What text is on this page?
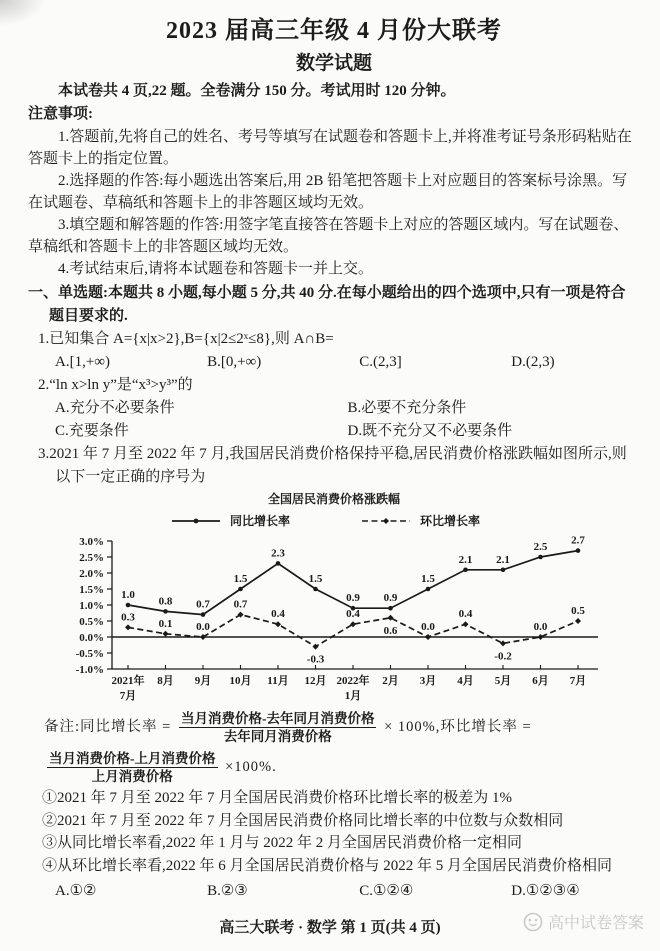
2023 届高三年级 4 月份大联考
数学试题

本试卷共 4 页,22 题。全卷满分 150 分。考试用时 120 分钟。

注意事项:

1.答题前,先将自己的姓名、考号等填写在试题卷和答题卡上,并将准考证号条形码粘贴在答题卡上的指定位置。

2.选择题的作答:每小题选出答案后,用 2B 铅笔把答题卡上对应题目的答案标号涂黑。写在试题卷、草稿纸和答题卡上的非答题区域均无效。

3.填空题和解答题的作答:用签字笔直接答在答题卡上对应的答题区域内。写在试题卷、草稿纸和答题卡上的非答题区域均无效。

4.考试结束后,请将本试题卷和答题卡一并上交。

一、单选题:本题共 8 小题,每小题 5 分,共 40 分.在每小题给出的四个选项中,只有一项是符合题目要求的.

1.已知集合 A={x|x>2},B={x|2≤2ˣ≤8},则 A∩B=

A.[1,+∞)	B.[0,+∞)	C.(2,3]	D.(2,3)

2.“ln x>ln y”是“x³>y³”的

A.充分不必要条件	B.必要不充分条件
C.充要条件	D.既不充分又不必要条件

3.2021 年 7 月至 2022 年 7 月,我国居民消费价格保持平稳,居民消费价格涨跌幅如图所示,则以下一定正确的序号为

全国居民消费价格涨跌幅
同比增长率	环比增长率
3.0%
2.5%
2.0%
1.5%
1.0%
0.5%
0.0%
-0.5%
-1.0%
2021年 8月 9月 10月 11月 12月 2022年 2月 3月 4月 5月 6月 7月
7月	1月
1.0
0.8 0.7
1.5
2.3
1.5
0.9 0.9
1.5
2.1 2.1
2.5
2.7
0.3
0.1 0.0
0.7
0.4
-0.3
0.4
0.6 0.0
0.4
-0.2
0.0
0.5
备注:同比增长率 = $\frac{\text{当月消费价格-去年同月消费价格}}{\text{去年同月消费价格}} \times 100\%$,环比增长率 =
$\frac{\text{当月消费价格-上月消费价格}}{\text{上月消费价格}} \times 100\%$.

①2021 年 7 月至 2022 年 7 月全国居民消费价格环比增长率的极差为 1%

②2021 年 7 月至 2022 年 7 月全国居民消费价格同比增长率的中位数与众数相同

③从同比增长率看,2022 年 1 月与 2022 年 2 月全国居民消费价格一定相同

④从环比增长率看,2022 年 6 月全国居民消费价格与 2022 年 5 月全国居民消费价格相同

A.①②	B.②③	C.①②④	D.①②③④
高三大联考 · 数学 第 1 页(共 4 页)	高中试卷答案
